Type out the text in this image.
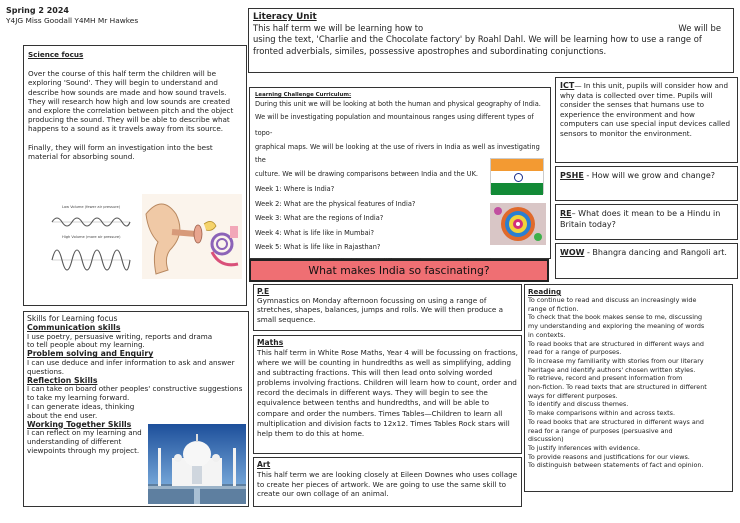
Spring 2 2024
Y4JG Miss Goodall Y4MH Mr Hawkes
Science focus

Over the course of this half term the children will be exploring 'Sound'. They will begin to understand and describe how sounds are made and how sound travels. They will research how high and low sounds are created and explore the correlation between pitch and the object producing the sound. They will be able to describe what happens to a sound as it travels away from its source.

Finally, they will form an investigation into the best material for absorbing sound.

Low Volume (fewer air pressure)
High Volume (more air pressure)
Literacy Unit
This half term we will be learning how to	We will be

using the text, 'Charlie and the Chocolate factory' by Roahl Dahl. We will be learning how to use a range of fronted adverbials, similes, possessive apostrophes and subordinating conjunctions.

Learning Challenge Curriculum:

During this unit we will be looking at both the human and physical geography of India.

We will be investigating population and mountainous ranges using different types of topo-

graphical maps. We will be looking at the use of rivers in India as well as investigating the

culture. We will be drawing comparisons between India and the UK.

Week 1: Where is India?

Week 2: What are the physical features of India?

Week 3: What are the regions of India?

Week 4: What is life like in Mumbai?

Week 5: What is life like in Rajasthan?

What makes India so fascinating?

ICT— In this unit, pupils will consider how and why data is collected over time. Pupils will consider the senses that humans use to experience the environment and how computers can use special input devices called sensors to monitor the environment.

PSHE - How will we grow and change?

RE– What does it mean to be a Hindu in Britain today?

WOW - Bhangra dancing and Rangoli art.

P.E

Gymnastics on Monday afternoon focussing on using a range of stretches, shapes, balances, jumps and rolls. We will then produce a small sequence.

Maths

This half term in White Rose Maths, Year 4 will be focussing on fractions, where we will be counting in hundredths as well as simplifying, adding and subtracting fractions. This will then lead onto solving worded problems involving fractions. Children will learn how to count, order and record the decimals in different ways. They will begin to see the equivalence between tenths and hundredths, and will be able to compare and order the numbers. Times Tables—Children to learn all multiplication and division facts to 12x12. Times Tables Rock stars will help them to do this at home.

Art

This half term we are looking closely at Eileen Downes who uses collage to create her pieces of artwork. We are going to use the same skill to create our own collage of an animal.

Reading

To continue to read and discuss an increasingly wide

range of fiction.

To check that the book makes sense to me, discussing

my understanding and exploring the meaning of words

in contexts.

To read books that are structured in different ways and

read for a range of purposes.

To increase my familiarity with stories from our literary

heritage and identify authors' chosen written styles.

To retrieve, record and present information from

non-fiction. To read texts that are structured in different

ways for different purposes.

To identify and discuss themes.

To make comparisons within and across texts.

To read books that are structured in different ways and

read for a range of purposes (persuasive and

discussion)

To justify inferences with evidence.

To provide reasons and justifications for our views.

To distinguish between statements of fact and opinion.

Skills for Learning focus
Communication skills

I use poetry, persuasive writing, reports and drama

to tell people about my learning.

Problem solving and Enquiry

I can use deduce and infer information to ask and answer

questions.

Reflection Skills

I can take on board other peoples' constructive suggestions

to take my learning forward.

I can generate ideas, thinking

about the end user.

Working Together Skills

I can reflect on my learning and

understanding of different

viewpoints through my project.
